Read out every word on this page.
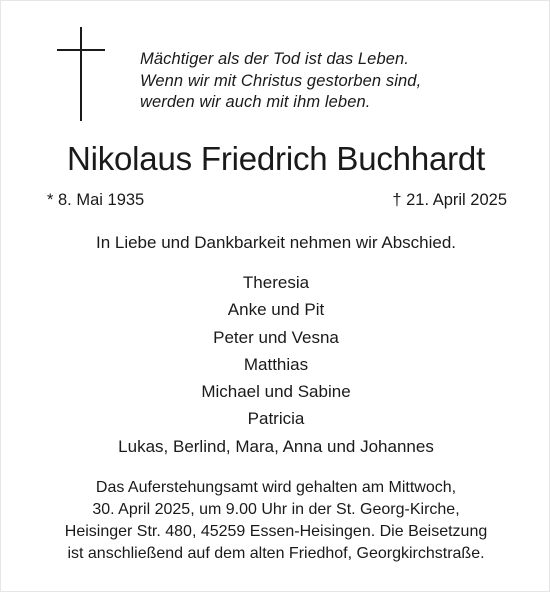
Mächtiger als der Tod ist das Leben.
Wenn wir mit Christus gestorben sind,
werden wir auch mit ihm leben.
Nikolaus Friedrich Buchhardt
* 8. Mai 1935	† 21. April 2025
In Liebe und Dankbarkeit nehmen wir Abschied.
Theresia
Anke und Pit
Peter und Vesna
Matthias
Michael und Sabine
Patricia
Lukas, Berlind, Mara, Anna und Johannes
Das Auferstehungsamt wird gehalten am Mittwoch,
30. April 2025, um 9.00 Uhr in der St. Georg-Kirche,
Heisinger Str. 480, 45259 Essen-Heisingen. Die Beisetzung
ist anschließend auf dem alten Friedhof, Georgkirchstraße.
